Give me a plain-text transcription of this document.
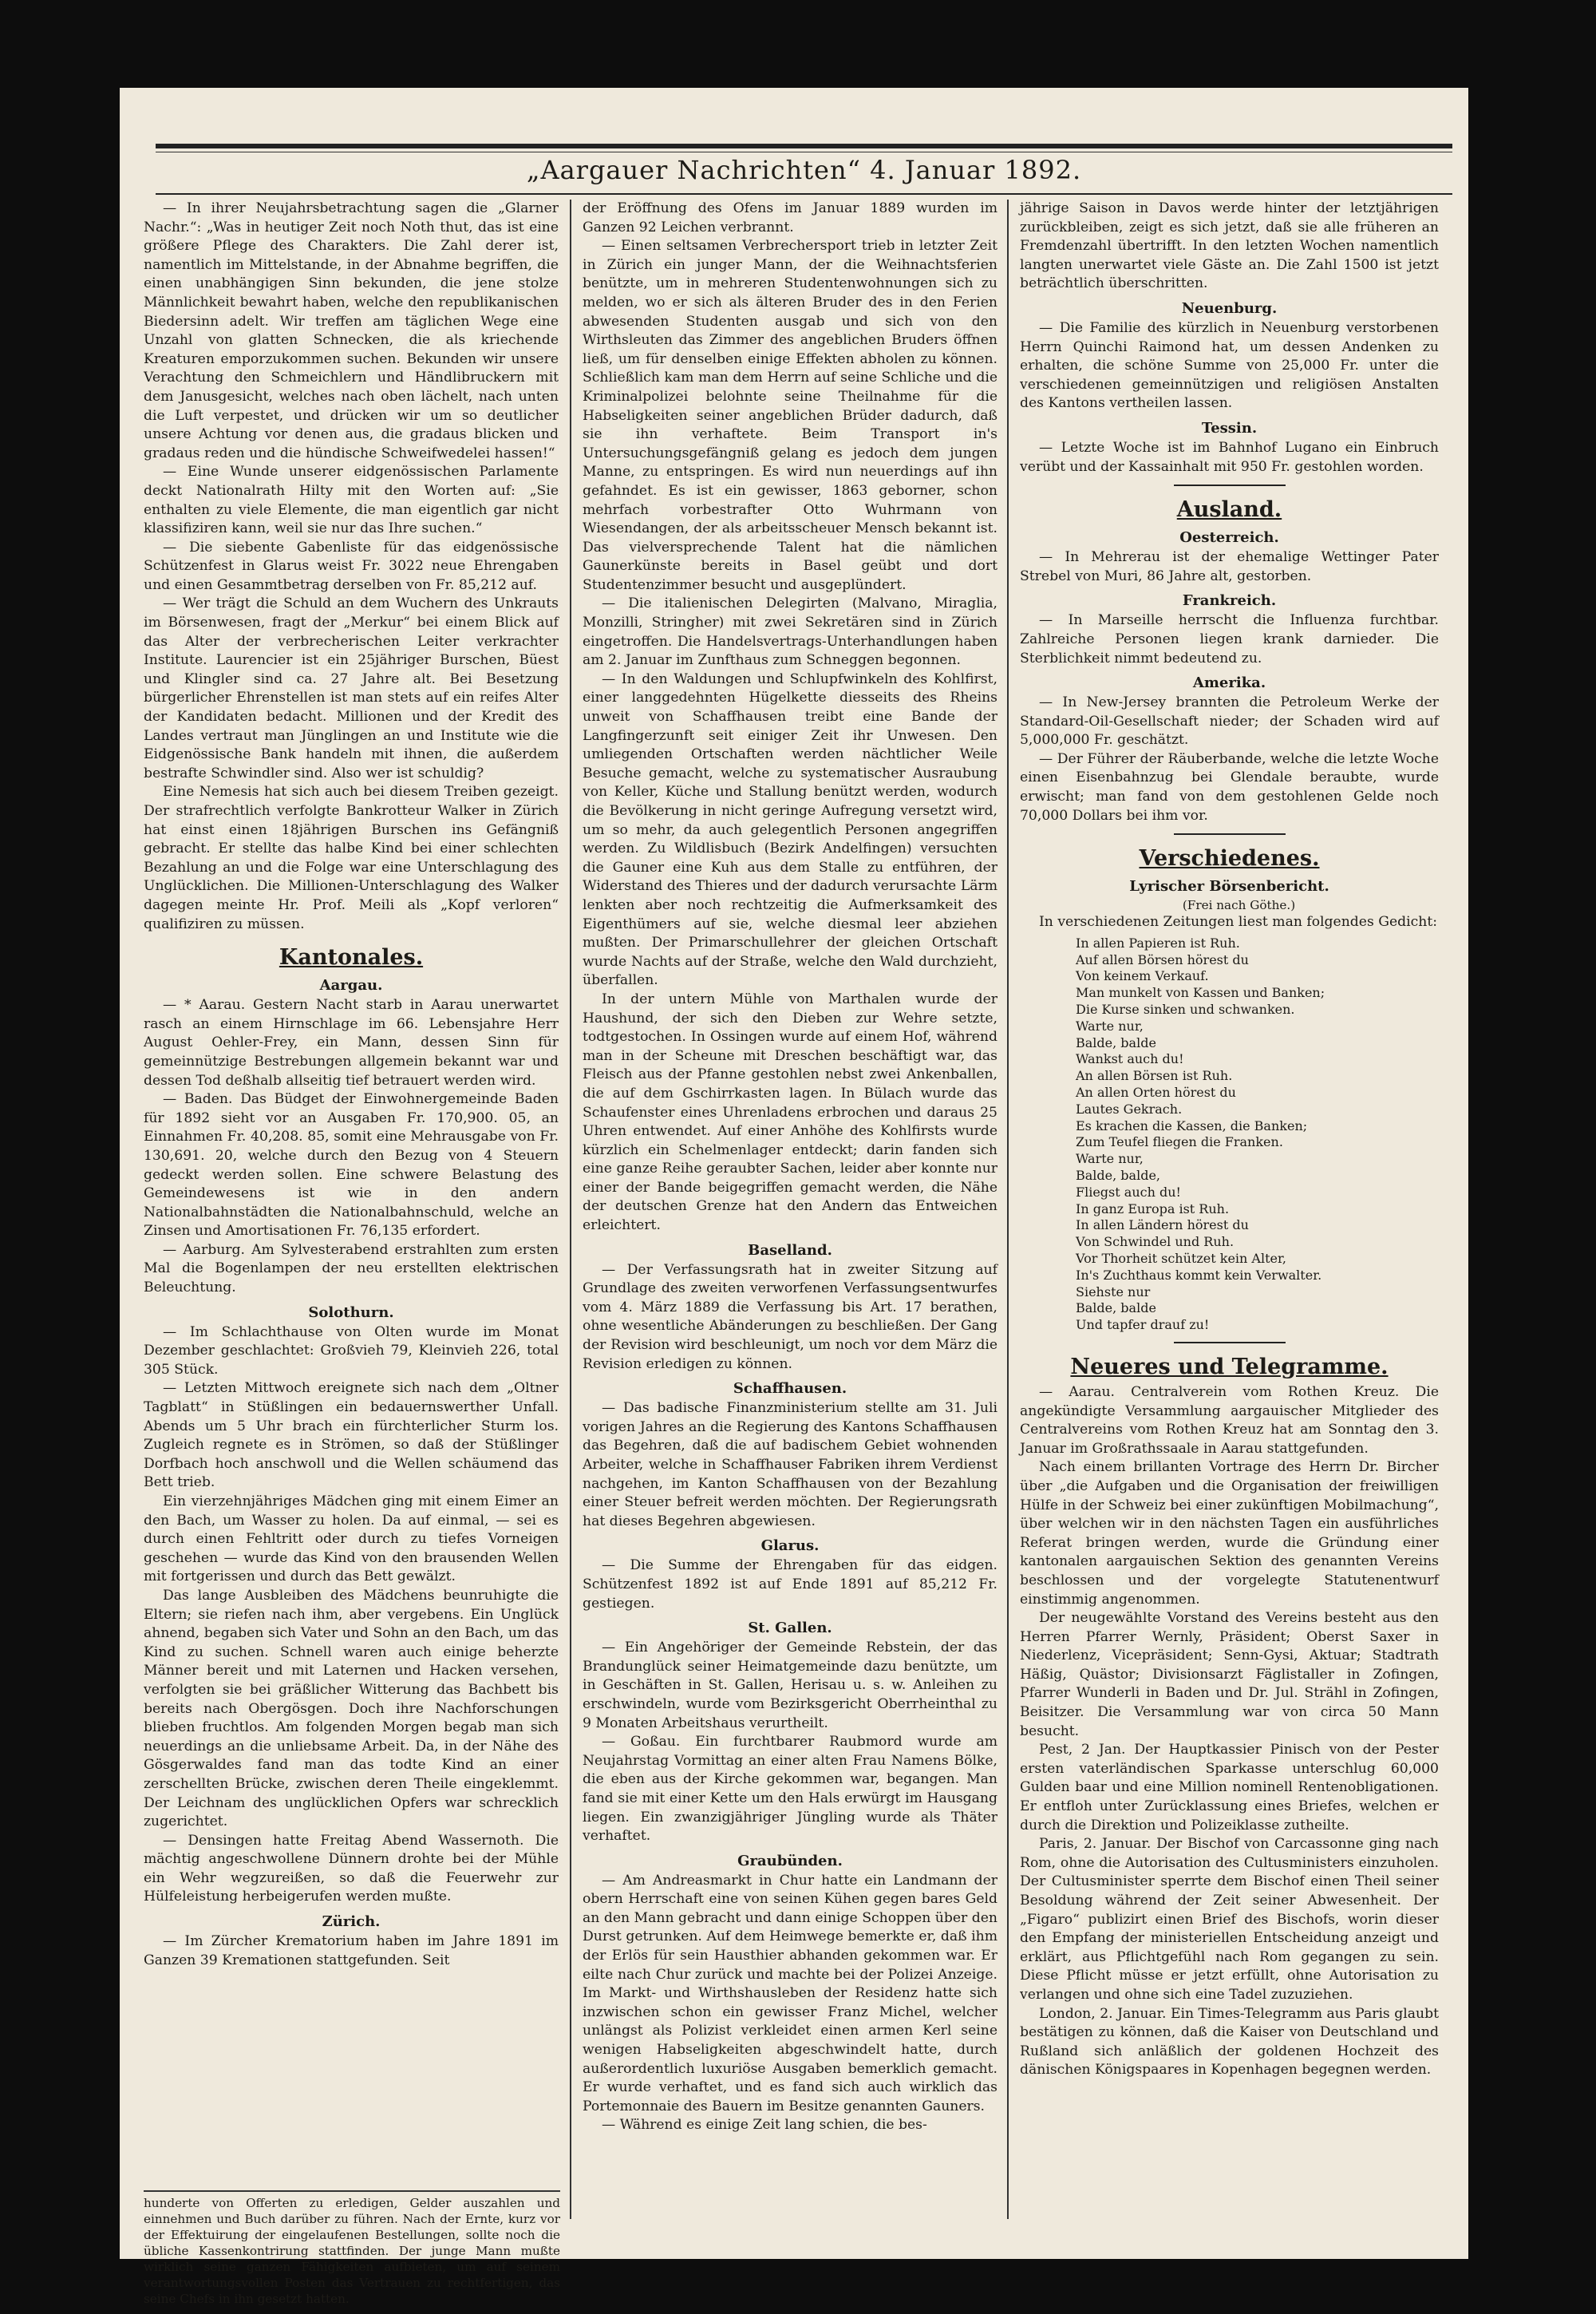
„Aargauer Nachrichten“ 4. Januar 1892.

— In ihrer Neujahrsbetrachtung sagen die „Glarner Nachr.“: „Was in heutiger Zeit noch Noth thut, das ist eine größere Pflege des Charakters. Die Zahl derer ist, namentlich im Mittelstande, in der Abnahme begriffen, die einen unabhängigen Sinn bekunden, die jene stolze Männlichkeit bewahrt haben, welche den republikanischen Biedersinn adelt. Wir treffen am täglichen Wege eine Unzahl von glatten Schnecken, die als kriechende Kreaturen emporzukommen suchen. Bekunden wir unsere Verachtung den Schmeichlern und Händlibruckern mit dem Janusgesicht, welches nach oben lächelt, nach unten die Luft verpestet, und drücken wir um so deutlicher unsere Achtung vor denen aus, die gradaus blicken und gradaus reden und die hündische Schweifwedelei hassen!“

— Eine Wunde unserer eidgenössischen Parlamente deckt Nationalrath Hilty mit den Worten auf: „Sie enthalten zu viele Elemente, die man eigentlich gar nicht klassifiziren kann, weil sie nur das Ihre suchen.“

— Die siebente Gabenliste für das eidgenössische Schützenfest in Glarus weist Fr. 3022 neue Ehrengaben und einen Gesammtbetrag derselben von Fr. 85,212 auf.

— Wer trägt die Schuld an dem Wuchern des Unkrauts im Börsenwesen, fragt der „Merkur“ bei einem Blick auf das Alter der verbrecherischen Leiter verkrachter Institute. Laurencier ist ein 25jähriger Burschen, Büest und Klingler sind ca. 27 Jahre alt. Bei Besetzung bürgerlicher Ehrenstellen ist man stets auf ein reifes Alter der Kandidaten bedacht. Millionen und der Kredit des Landes vertraut man Jünglingen an und Institute wie die Eidgenössische Bank handeln mit ihnen, die außerdem bestrafte Schwindler sind. Also wer ist schuldig?

Eine Nemesis hat sich auch bei diesem Treiben gezeigt. Der strafrechtlich verfolgte Bankrotteur Walker in Zürich hat einst einen 18jährigen Burschen ins Gefängniß gebracht. Er stellte das halbe Kind bei einer schlechten Bezahlung an und die Folge war eine Unterschlagung des Unglücklichen. Die Millionen-Unterschlagung des Walker dagegen meinte Hr. Prof. Meili als „Kopf verloren“ qualifiziren zu müssen.

Kantonales.
Aargau.

— * Aarau. Gestern Nacht starb in Aarau unerwartet rasch an einem Hirnschlage im 66. Lebensjahre Herr August Oehler-Frey, ein Mann, dessen Sinn für gemeinnützige Bestrebungen allgemein bekannt war und dessen Tod deßhalb allseitig tief betrauert werden wird.

— Baden. Das Büdget der Einwohnergemeinde Baden für 1892 sieht vor an Ausgaben Fr. 170,900. 05, an Einnahmen Fr. 40,208. 85, somit eine Mehrausgabe von Fr. 130,691. 20, welche durch den Bezug von 4 Steuern gedeckt werden sollen. Eine schwere Belastung des Gemeindewesens ist wie in den andern Nationalbahnstädten die Nationalbahnschuld, welche an Zinsen und Amortisationen Fr. 76,135 erfordert.

— Aarburg. Am Sylvesterabend erstrahlten zum ersten Mal die Bogenlampen der neu erstellten elektrischen Beleuchtung.

Solothurn.

— Im Schlachthause von Olten wurde im Monat Dezember geschlachtet: Großvieh 79, Kleinvieh 226, total 305 Stück.

— Letzten Mittwoch ereignete sich nach dem „Oltner Tagblatt“ in Stüßlingen ein bedauernswerther Unfall. Abends um 5 Uhr brach ein fürchterlicher Sturm los. Zugleich regnete es in Strömen, so daß der Stüßlinger Dorfbach hoch anschwoll und die Wellen schäumend das Bett trieb.

Ein vierzehnjähriges Mädchen ging mit einem Eimer an den Bach, um Wasser zu holen. Da auf einmal, — sei es durch einen Fehltritt oder durch zu tiefes Vorneigen geschehen — wurde das Kind von den brausenden Wellen mit fortgerissen und durch das Bett gewälzt.

Das lange Ausbleiben des Mädchens beunruhigte die Eltern; sie riefen nach ihm, aber vergebens. Ein Unglück ahnend, begaben sich Vater und Sohn an den Bach, um das Kind zu suchen. Schnell waren auch einige beherzte Männer bereit und mit Laternen und Hacken versehen, verfolgten sie bei gräßlicher Witterung das Bachbett bis bereits nach Obergösgen. Doch ihre Nachforschungen blieben fruchtlos. Am folgenden Morgen begab man sich neuerdings an die unliebsame Arbeit. Da, in der Nähe des Gösgerwaldes fand man das todte Kind an einer zerschellten Brücke, zwischen deren Theile eingeklemmt. Der Leichnam des unglücklichen Opfers war schrecklich zugerichtet.

— Densingen hatte Freitag Abend Wassernoth. Die mächtig angeschwollene Dünnern drohte bei der Mühle ein Wehr wegzureißen, so daß die Feuerwehr zur Hülfeleistung herbeigerufen werden mußte.

Zürich.

— Im Zürcher Krematorium haben im Jahre 1891 im Ganzen 39 Kremationen stattgefunden. Seit

hunderte von Offerten zu erledigen, Gelder auszahlen und einnehmen und Buch darüber zu führen. Nach der Ernte, kurz vor der Effektuirung der eingelaufenen Bestellungen, sollte noch die übliche Kassenkontrirung stattfinden. Der junge Mann mußte wirklich seine ganzen Fähigkeiten aufbieten, um auf seinem verantwortungsvollen Posten das Vertrauen zu rechtfertigen, das seine Chefs in ihn gesetzt hatten.

der Eröffnung des Ofens im Januar 1889 wurden im Ganzen 92 Leichen verbrannt.

— Einen seltsamen Verbrechersport trieb in letzter Zeit in Zürich ein junger Mann, der die Weihnachtsferien benützte, um in mehreren Studentenwohnungen sich zu melden, wo er sich als älteren Bruder des in den Ferien abwesenden Studenten ausgab und sich von den Wirthsleuten das Zimmer des angeblichen Bruders öffnen ließ, um für denselben einige Effekten abholen zu können. Schließlich kam man dem Herrn auf seine Schliche und die Kriminalpolizei belohnte seine Theilnahme für die Habseligkeiten seiner angeblichen Brüder dadurch, daß sie ihn verhaftete. Beim Transport in's Untersuchungsgefängniß gelang es jedoch dem jungen Manne, zu entspringen. Es wird nun neuerdings auf ihn gefahndet. Es ist ein gewisser, 1863 geborner, schon mehrfach vorbestrafter Otto Wuhrmann von Wiesendangen, der als arbeitsscheuer Mensch bekannt ist. Das vielversprechende Talent hat die nämlichen Gaunerkünste bereits in Basel geübt und dort Studentenzimmer besucht und ausgeplündert.

— Die italienischen Delegirten (Malvano, Miraglia, Monzilli, Stringher) mit zwei Sekretären sind in Zürich eingetroffen. Die Handelsvertrags-Unterhandlungen haben am 2. Januar im Zunfthaus zum Schneggen begonnen.

— In den Waldungen und Schlupfwinkeln des Kohlfirst, einer langgedehnten Hügelkette diesseits des Rheins unweit von Schaffhausen treibt eine Bande der Langfingerzunft seit einiger Zeit ihr Unwesen. Den umliegenden Ortschaften werden nächtlicher Weile Besuche gemacht, welche zu systematischer Ausraubung von Keller, Küche und Stallung benützt werden, wodurch die Bevölkerung in nicht geringe Aufregung versetzt wird, um so mehr, da auch gelegentlich Personen angegriffen werden. Zu Wildlisbuch (Bezirk Andelfingen) versuchten die Gauner eine Kuh aus dem Stalle zu entführen, der Widerstand des Thieres und der dadurch verursachte Lärm lenkten aber noch rechtzeitig die Aufmerksamkeit des Eigenthümers auf sie, welche diesmal leer abziehen mußten. Der Primarschullehrer der gleichen Ortschaft wurde Nachts auf der Straße, welche den Wald durchzieht, überfallen.

In der untern Mühle von Marthalen wurde der Haushund, der sich den Dieben zur Wehre setzte, todtgestochen. In Ossingen wurde auf einem Hof, während man in der Scheune mit Dreschen beschäftigt war, das Fleisch aus der Pfanne gestohlen nebst zwei Ankenballen, die auf dem Gschirrkasten lagen. In Bülach wurde das Schaufenster eines Uhrenladens erbrochen und daraus 25 Uhren entwendet. Auf einer Anhöhe des Kohlfirsts wurde kürzlich ein Schelmenlager entdeckt; darin fanden sich eine ganze Reihe geraubter Sachen, leider aber konnte nur einer der Bande beigegriffen gemacht werden, die Nähe der deutschen Grenze hat den Andern das Entweichen erleichtert.

Baselland.

— Der Verfassungsrath hat in zweiter Sitzung auf Grundlage des zweiten verworfenen Verfassungsentwurfes vom 4. März 1889 die Verfassung bis Art. 17 berathen, ohne wesentliche Abänderungen zu beschließen. Der Gang der Revision wird beschleunigt, um noch vor dem März die Revision erledigen zu können.

Schaffhausen.

— Das badische Finanzministerium stellte am 31. Juli vorigen Jahres an die Regierung des Kantons Schaffhausen das Begehren, daß die auf badischem Gebiet wohnenden Arbeiter, welche in Schaffhauser Fabriken ihrem Verdienst nachgehen, im Kanton Schaffhausen von der Bezahlung einer Steuer befreit werden möchten. Der Regierungsrath hat dieses Begehren abgewiesen.

Glarus.

— Die Summe der Ehrengaben für das eidgen. Schützenfest 1892 ist auf Ende 1891 auf 85,212 Fr. gestiegen.

St. Gallen.

— Ein Angehöriger der Gemeinde Rebstein, der das Brandunglück seiner Heimatgemeinde dazu benützte, um in Geschäften in St. Gallen, Herisau u. s. w. Anleihen zu erschwindeln, wurde vom Bezirksgericht Oberrheinthal zu 9 Monaten Arbeitshaus verurtheilt.

— Goßau. Ein furchtbarer Raubmord wurde am Neujahrstag Vormittag an einer alten Frau Namens Bölke, die eben aus der Kirche gekommen war, begangen. Man fand sie mit einer Kette um den Hals erwürgt im Hausgang liegen. Ein zwanzigjähriger Jüngling wurde als Thäter verhaftet.

Graubünden.

— Am Andreasmarkt in Chur hatte ein Landmann der obern Herrschaft eine von seinen Kühen gegen bares Geld an den Mann gebracht und dann einige Schoppen über den Durst getrunken. Auf dem Heimwege bemerkte er, daß ihm der Erlös für sein Hausthier abhanden gekommen war. Er eilte nach Chur zurück und machte bei der Polizei Anzeige. Im Markt- und Wirthshausleben der Residenz hatte sich inzwischen schon ein gewisser Franz Michel, welcher unlängst als Polizist verkleidet einen armen Kerl seine wenigen Habseligkeiten abgeschwindelt hatte, durch außerordentlich luxuriöse Ausgaben bemerklich gemacht. Er wurde verhaftet, und es fand sich auch wirklich das Portemonnaie des Bauern im Besitze genannten Gauners.

— Während es einige Zeit lang schien, die bes-

jährige Saison in Davos werde hinter der letztjährigen zurückbleiben, zeigt es sich jetzt, daß sie alle früheren an Fremdenzahl übertrifft. In den letzten Wochen namentlich langten unerwartet viele Gäste an. Die Zahl 1500 ist jetzt beträchtlich überschritten.

Neuenburg.

— Die Familie des kürzlich in Neuenburg verstorbenen Herrn Quinchi Raimond hat, um dessen Andenken zu erhalten, die schöne Summe von 25,000 Fr. unter die verschiedenen gemeinnützigen und religiösen Anstalten des Kantons vertheilen lassen.

Tessin.

— Letzte Woche ist im Bahnhof Lugano ein Einbruch verübt und der Kassainhalt mit 950 Fr. gestohlen worden.

Ausland.
Oesterreich.

— In Mehrerau ist der ehemalige Wettinger Pater Strebel von Muri, 86 Jahre alt, gestorben.

Frankreich.

— In Marseille herrscht die Influenza furchtbar. Zahlreiche Personen liegen krank darnieder. Die Sterblichkeit nimmt bedeutend zu.

Amerika.

— In New-Jersey brannten die Petroleum Werke der Standard-Oil-Gesellschaft nieder; der Schaden wird auf 5,000,000 Fr. geschätzt.

— Der Führer der Räuberbande, welche die letzte Woche einen Eisenbahnzug bei Glendale beraubte, wurde erwischt; man fand von dem gestohlenen Gelde noch 70,000 Dollars bei ihm vor.

Verschiedenes.
Lyrischer Börsenbericht.

(Frei nach Göthe.)

In verschiedenen Zeitungen liest man folgendes Gedicht:

In allen Papieren ist Ruh.
Auf allen Börsen hörest du
Von keinem Verkauf.
Man munkelt von Kassen und Banken;
Die Kurse sinken und schwanken.
Warte nur,
Balde, balde
Wankst auch du!
An allen Börsen ist Ruh.
An allen Orten hörest du
Lautes Gekrach.
Es krachen die Kassen, die Banken;
Zum Teufel fliegen die Franken.
Warte nur,
Balde, balde,
Fliegst auch du!
In ganz Europa ist Ruh.
In allen Ländern hörest du
Von Schwindel und Ruh.
Vor Thorheit schützet kein Alter,
In's Zuchthaus kommt kein Verwalter.
Siehste nur
Balde, balde
Und tapfer drauf zu!
Neueres und Telegramme.

— Aarau. Centralverein vom Rothen Kreuz. Die angekündigte Versammlung aargauischer Mitglieder des Centralvereins vom Rothen Kreuz hat am Sonntag den 3. Januar im Großrathssaale in Aarau stattgefunden.

Nach einem brillanten Vortrage des Herrn Dr. Bircher über „die Aufgaben und die Organisation der freiwilligen Hülfe in der Schweiz bei einer zukünftigen Mobilmachung“, über welchen wir in den nächsten Tagen ein ausführliches Referat bringen werden, wurde die Gründung einer kantonalen aargauischen Sektion des genannten Vereins beschlossen und der vorgelegte Statutenentwurf einstimmig angenommen.

Der neugewählte Vorstand des Vereins besteht aus den Herren Pfarrer Wernly, Präsident; Oberst Saxer in Niederlenz, Vicepräsident; Senn-Gysi, Aktuar; Stadtrath Häßig, Quästor; Divisionsarzt Fäglistaller in Zofingen, Pfarrer Wunderli in Baden und Dr. Jul. Strähl in Zofingen, Beisitzer. Die Versammlung war von circa 50 Mann besucht.

Pest, 2 Jan. Der Hauptkassier Pinisch von der Pester ersten vaterländischen Sparkasse unterschlug 60,000 Gulden baar und eine Million nominell Rentenobligationen. Er entfloh unter Zurücklassung eines Briefes, welchen er durch die Direktion und Polizeiklasse zutheilte.

Paris, 2. Januar. Der Bischof von Carcassonne ging nach Rom, ohne die Autorisation des Cultusministers einzuholen. Der Cultusminister sperrte dem Bischof einen Theil seiner Besoldung während der Zeit seiner Abwesenheit. Der „Figaro“ publizirt einen Brief des Bischofs, worin dieser den Empfang der ministeriellen Entscheidung anzeigt und erklärt, aus Pflichtgefühl nach Rom gegangen zu sein. Diese Pflicht müsse er jetzt erfüllt, ohne Autorisation zu verlangen und ohne sich eine Tadel zuzuziehen.

London, 2. Januar. Ein Times-Telegramm aus Paris glaubt bestätigen zu können, daß die Kaiser von Deutschland und Rußland sich anläßlich der goldenen Hochzeit des dänischen Königspaares in Kopenhagen begegnen werden.
